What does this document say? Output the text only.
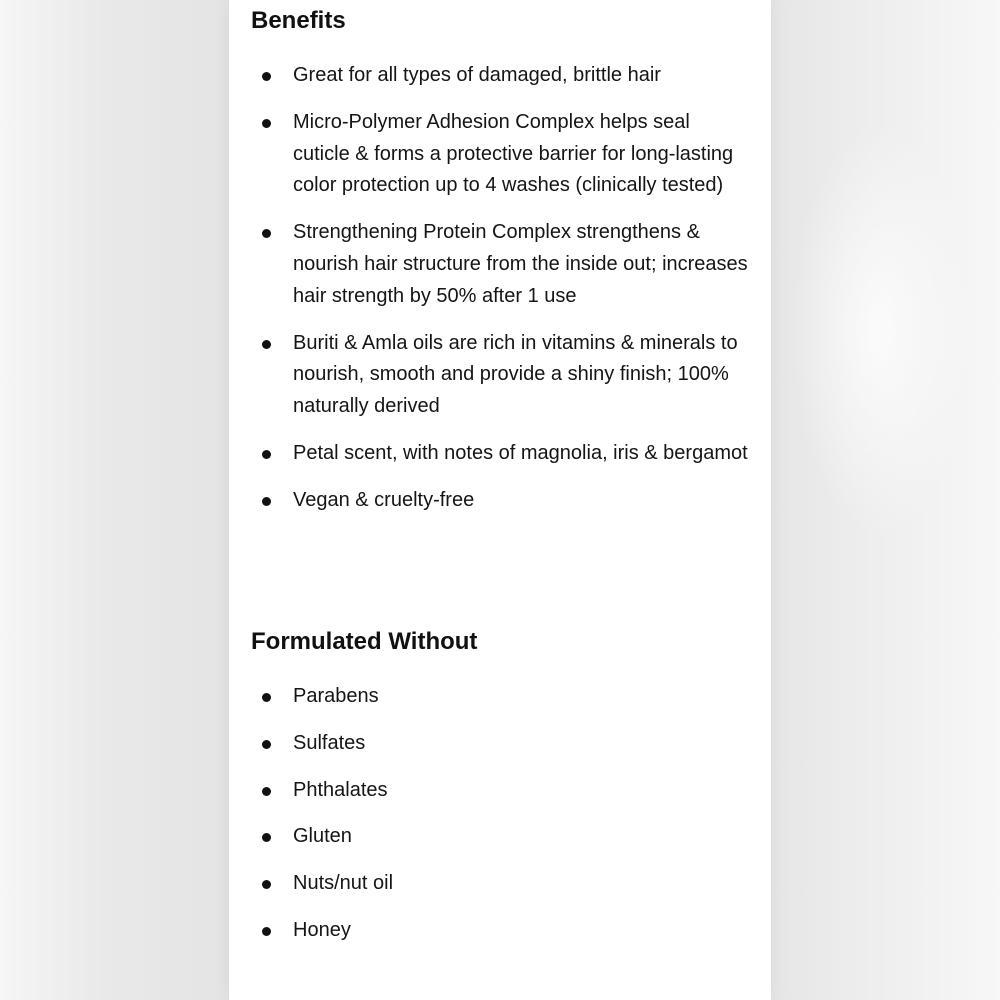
Benefits
Great for all types of damaged, brittle hair
Micro-Polymer Adhesion Complex helps seal cuticle & forms a protective barrier for long-lasting color protection up to 4 washes (clinically tested)
Strengthening Protein Complex strengthens & nourish hair structure from the inside out; increases hair strength by 50% after 1 use
Buriti & Amla oils are rich in vitamins & minerals to nourish, smooth and provide a shiny finish; 100% naturally derived
Petal scent, with notes of magnolia, iris & bergamot
Vegan & cruelty-free
Formulated Without
Parabens
Sulfates
Phthalates
Gluten
Nuts/nut oil
Honey
